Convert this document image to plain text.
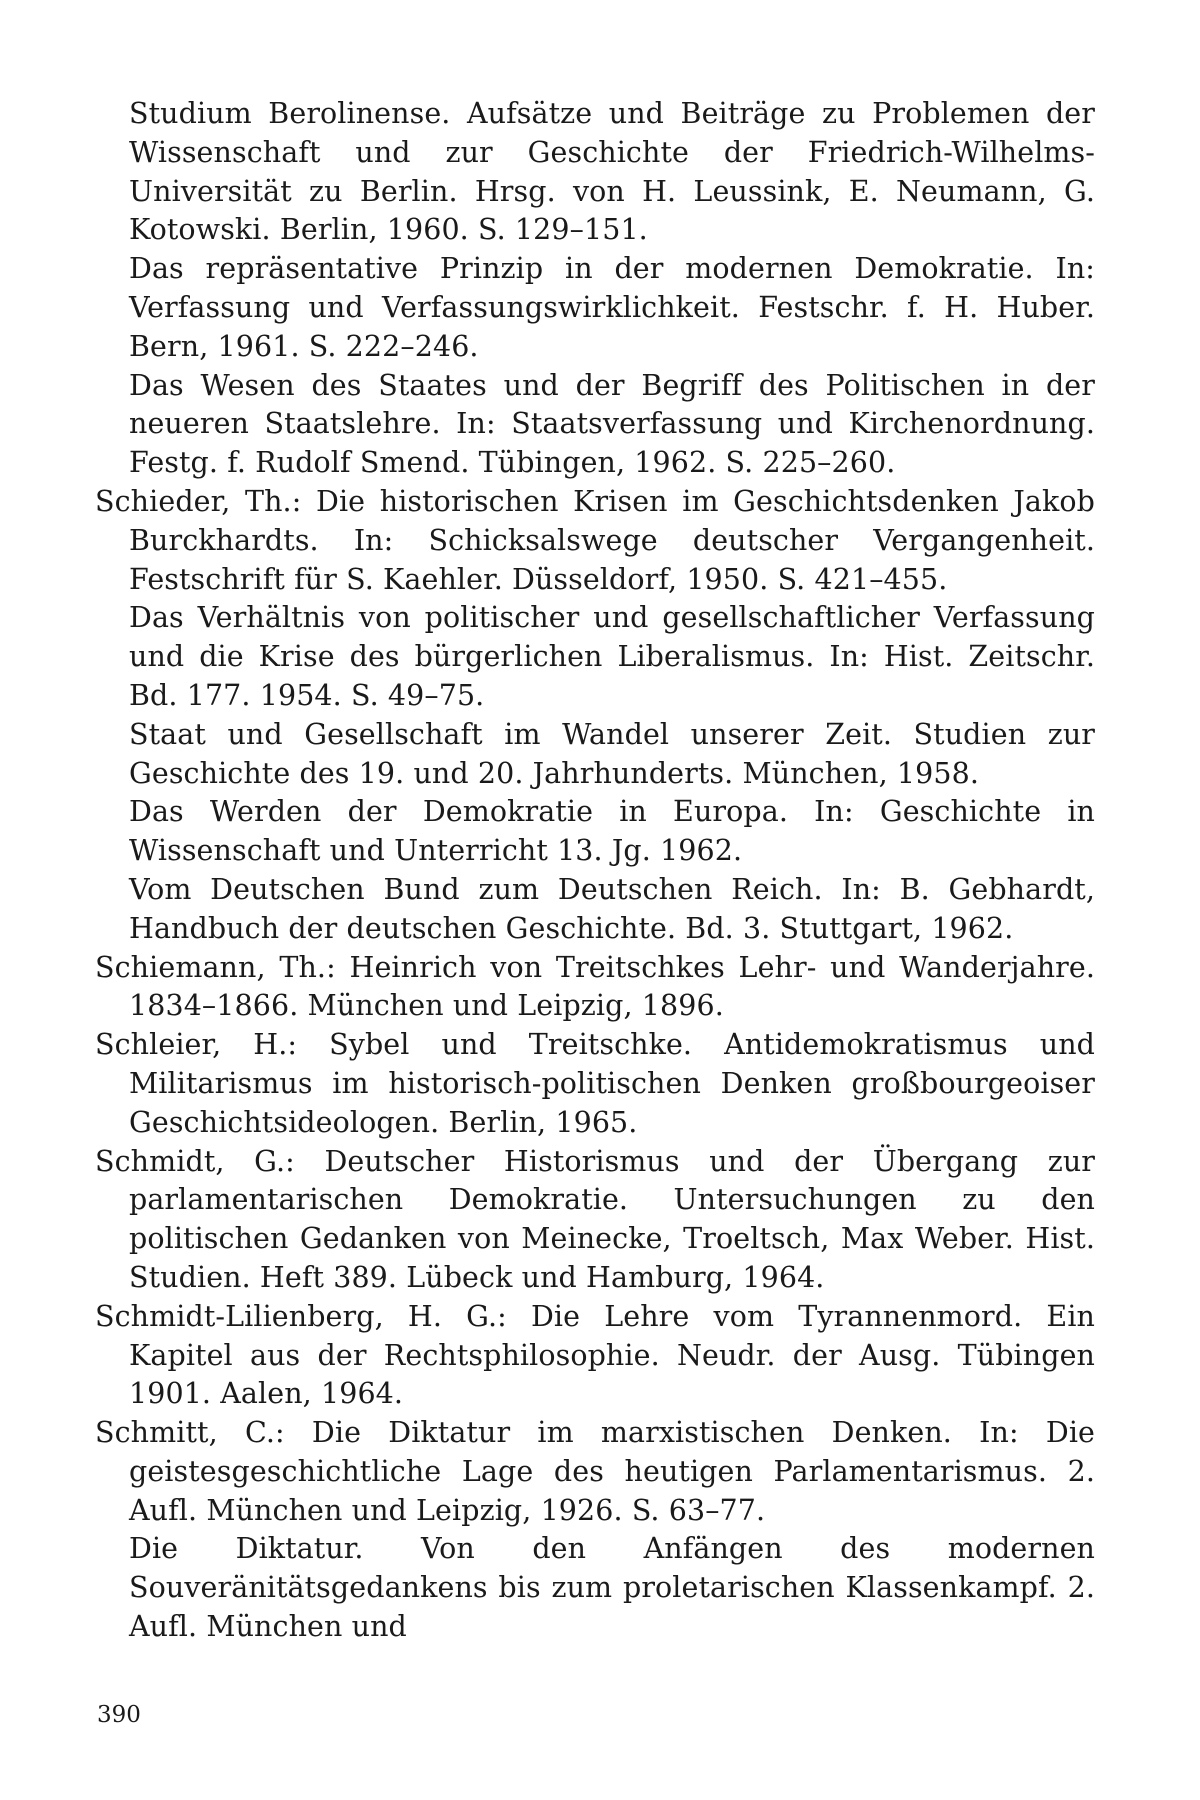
Studium Berolinense. Aufsätze und Beiträge zu Problemen der Wissenschaft und zur Geschichte der Friedrich-Wilhelms-Universität zu Berlin. Hrsg. von H. Leussink, E. Neumann, G. Kotowski. Berlin, 1960. S. 129–151.

Das repräsentative Prinzip in der modernen Demokratie. In: Verfassung und Verfassungswirklichkeit. Festschr. f. H. Huber. Bern, 1961. S. 222–246.

Das Wesen des Staates und der Begriff des Politischen in der neueren Staatslehre. In: Staatsverfassung und Kirchenordnung. Festg. f. Rudolf Smend. Tübingen, 1962. S. 225–260.

Schieder, Th.: Die historischen Krisen im Geschichtsdenken Jakob Burckhardts. In: Schicksalswege deutscher Vergangenheit. Festschrift für S. Kaehler. Düsseldorf, 1950. S. 421–455.

Das Verhältnis von politischer und gesellschaftlicher Verfassung und die Krise des bürgerlichen Liberalismus. In: Hist. Zeitschr. Bd. 177. 1954. S. 49–75.

Staat und Gesellschaft im Wandel unserer Zeit. Studien zur Geschichte des 19. und 20. Jahrhunderts. München, 1958.

Das Werden der Demokratie in Europa. In: Geschichte in Wissenschaft und Unterricht 13. Jg. 1962.

Vom Deutschen Bund zum Deutschen Reich. In: B. Gebhardt, Handbuch der deutschen Geschichte. Bd. 3. Stuttgart, 1962.

Schiemann, Th.: Heinrich von Treitschkes Lehr- und Wanderjahre. 1834–1866. München und Leipzig, 1896.

Schleier, H.: Sybel und Treitschke. Antidemokratismus und Militarismus im historisch-politischen Denken großbourgeoiser Geschichtsideologen. Berlin, 1965.

Schmidt, G.: Deutscher Historismus und der Übergang zur parlamentarischen Demokratie. Untersuchungen zu den politischen Gedanken von Meinecke, Troeltsch, Max Weber. Hist. Studien. Heft 389. Lübeck und Hamburg, 1964.

Schmidt-Lilienberg, H. G.: Die Lehre vom Tyrannenmord. Ein Kapitel aus der Rechtsphilosophie. Neudr. der Ausg. Tübingen 1901. Aalen, 1964.

Schmitt, C.: Die Diktatur im marxistischen Denken. In: Die geistesgeschichtliche Lage des heutigen Parlamentarismus. 2. Aufl. München und Leipzig, 1926. S. 63–77.

Die Diktatur. Von den Anfängen des modernen Souveränitätsgedankens bis zum proletarischen Klassenkampf. 2. Aufl. München und

390
